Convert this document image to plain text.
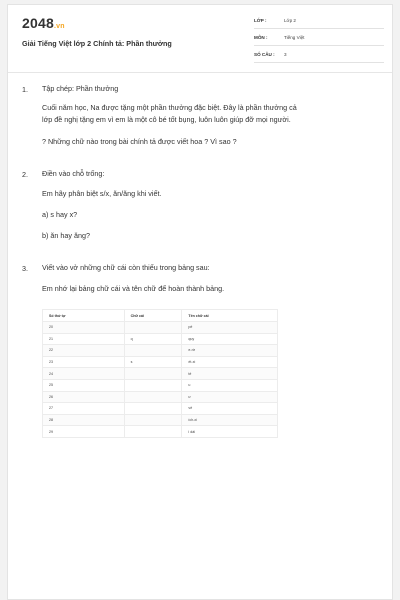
2048.vn
Giải Tiếng Việt lớp 2 Chính tả: Phần thưởng
LỚP :	Lớp 2
MÔN :	Tiếng Việt
SỐ CÂU : 3
1. Tập chép: Phần thưởng
Cuối năm học, Na được tặng một phần thưởng đặc biệt. Đây là phần thưởng cả
lớp đề nghị tặng em vì em là một cô bé tốt bụng, luôn luôn giúp đỡ mọi người.
? Những chữ nào trong bài chính tả được viết hoa ? Vì sao ?
2. Điền vào chỗ trống:
Em hãy phân biệt s/x, ăn/ăng khi viết.
a) s hay x?
b) ăn hay ăng?
3. Viết vào vở những chữ cái còn thiếu trong bảng sau:
Em nhớ lại bảng chữ cái và tên chữ để hoàn thành bảng.
Số thứ tự	Chữ cái	Tên chữ cái
20		pê
21	q	quy
22		e-rờ
23	s	ét-xì
24		tê
25		u
26		ư
27		vê
28		ích-xì
29		i dài
